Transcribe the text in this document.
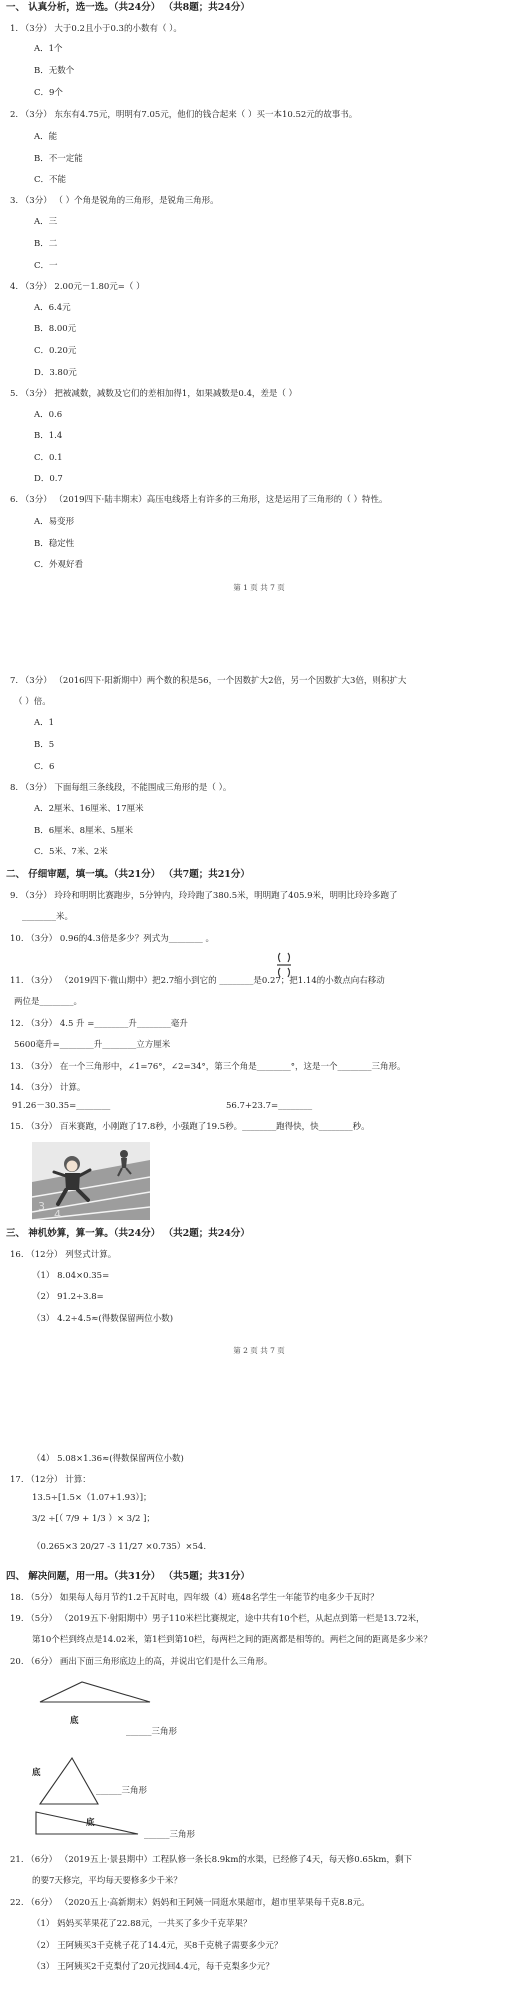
一、 认真分析，选一选。（共24分） （共8题；共24分）
1. （3分） 大于0.2且小于0.3的小数有（ ）。
A．1个
B．无数个
C．9个
2. （3分） 东东有4.75元，明明有7.05元，他们的钱合起来（ ）买一本10.52元的故事书。
A．能
B．不一定能
C．不能
3. （3分） （ ）个角是锐角的三角形，是锐角三角形。
A．三
B．二
C．一
4. （3分） 2.00元－1.80元=（ ）
A．6.4元
B．8.00元
C．0.20元
D．3.80元
5. （3分） 把被减数，减数及它们的差相加得1，如果减数是0.4，差是（ ）
A．0.6
B．1.4
C．0.1
D．0.7
6. （3分） （2019四下·陆丰期末）高压电线塔上有许多的三角形，这是运用了三角形的（ ）特性。
A．易变形
B．稳定性
C．外观好看
第 1 页 共 7 页
7. （3分） （2016四下·阳新期中）两个数的积是56，一个因数扩大2倍，另一个因数扩大3倍，则积扩大
（ ）倍。
A．1
B．5
C．6
8. （3分） 下面每组三条线段，不能围成三角形的是（ ）。
A．2厘米、16厘米、17厘米
B．6厘米、8厘米、5厘米
C．5米、7米、2米
二、 仔细审题，填一填。（共21分） （共7题；共21分）
9. （3分） 玲玲和明明比赛跑步，5分钟内，玲玲跑了380.5米，明明跑了405.9米，明明比玲玲多跑了
________米。
10. （3分） 0.96的4.3倍是多少？列式为________ 。
11. （3分） （2019四下·微山期中）把2.7缩小到它的 ________是0.27；把1.14的小数点向右移动
两位是________。
12. （3分） 4.5 升 =________升________毫升
5600毫升=________升________立方厘米
13. （3分） 在一个三角形中，∠1=76°，∠2=34°，第三个角是________°，这是一个________三角形。
14. （3分） 计算。
91.26－30.35=________	56.7+23.7=________
15. （3分） 百米赛跑，小刚跑了17.8秒，小强跑了19.5秒。________跑得快，快________秒。
3
4
三、 神机妙算，算一算。（共24分） （共2题；共24分）
16. （12分） 列竖式计算。
（1） 8.04×0.35=
（2） 91.2÷3.8=
（3） 4.2÷4.5≈(得数保留两位小数)
第 2 页 共 7 页
（4） 5.08×1.36≈(得数保留两位小数)
17. （12分） 计算：
13.5÷[1.5×（1.07+1.93）]；
3/2 ÷[（ 7/9 + 1/3 ）× 3/2 ]；
（0.265×3 20/27 -3 11/27 ×0.735）×54.
四、 解决问题，用一用。（共31分） （共5题；共31分）
18. （5分） 如果每人每月节约1.2千瓦时电，四年级（4）班48名学生一年能节约电多少千瓦时？
19. （5分） （2019五下·射阳期中）男子110米栏比赛规定，途中共有10个栏，从起点到第一栏是13.72米，
第10个栏到终点是14.02米，第1栏到第10栏，每两栏之间的距离都是相等的。两栏之间的距离是多少米？
20. （6分） 画出下面三角形底边上的高，并说出它们是什么三角形。
底
______三角形
底
______三角形
底
______三角形
21. （6分） （2019五上·景县期中）工程队修一条长8.9km的水渠，已经修了4天，每天修0.65km，剩下
的要7天修完，平均每天要修多少千米？
22. （6分） （2020五上·高新期末）妈妈和王阿姨一同逛水果超市，超市里苹果每千克8.8元。
（1） 妈妈买苹果花了22.88元，一共买了多少千克苹果？
（2） 王阿姨买3千克桃子花了14.4元，买8千克桃子需要多少元？
（3） 王阿姨买2千克梨付了20元找回4.4元，每千克梨多少元？
